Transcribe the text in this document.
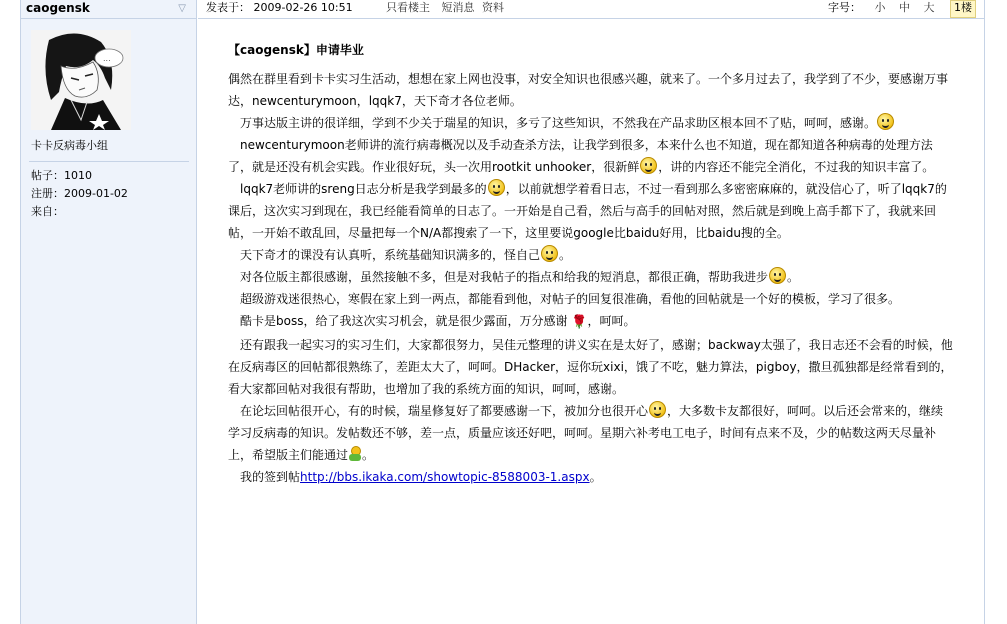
caogensk	▽
...
卡卡反病毒小组
帖子：1010
注册：2009-01-02
来自：
发表于： 2009-02-26 10:51	只看楼主 短消息 资料	字号： 小 中 大	1楼
【caogensk】申请毕业

偶然在群里看到卡卡实习生活动，想想在家上网也没事，对安全知识也很感兴趣，就来了。一个多月过去了，我学到了不少，要感谢万事达，newcenturymoon，lqqk7，天下奇才各位老师。

　万事达版主讲的很详细，学到不少关于瑞星的知识，多亏了这些知识，不然我在产品求助区根本回不了贴，呵呵，感谢。

　newcenturymoon老师讲的流行病毒概况以及手动查杀方法，让我学到很多，本来什么也不知道，现在都知道各种病毒的处理方法了，就是还没有机会实践。作业很好玩，头一次用rootkit unhooker，很新鲜 ，讲的内容还不能完全消化，不过我的知识丰富了。

　lqqk7老师讲的sreng日志分析是我学到最多的 ，以前就想学着看日志，不过一看到那么多密密麻麻的，就没信心了，听了lqqk7的课后，这次实习到现在，我已经能看简单的日志了。一开始是自己看，然后与高手的回帖对照，然后就是到晚上高手都下了，我就来回帖，一开始不敢乱回，尽量把每一个N/A都搜索了一下，这里要说google比baidu好用，比baidu搜的全。

　天下奇才的课没有认真听，系统基础知识满多的，怪自己 。

　对各位版主都很感谢，虽然接触不多，但是对我帖子的指点和给我的短消息，都很正确，帮助我进步 。

　超级游戏迷很热心，寒假在家上到一两点，都能看到他，对帖子的回复很准确，看他的回帖就是一个好的模板，学习了很多。

　酷卡是boss，给了我这次实习机会，就是很少露面，万分感谢 🌹，呵呵。

　还有跟我一起实习的实习生们，大家都很努力，吴佳元整理的讲义实在是太好了，感谢；backway太强了，我日志还不会看的时候，他在反病毒区的回帖都很熟练了，差距太大了，呵呵。DHacker，逗你玩xixi，饿了不吃，魅力算法，pigboy，撒旦孤独都是经常看到的，看大家都回帖对我很有帮助，也增加了我的系统方面的知识，呵呵，感谢。

　在论坛回帖很开心，有的时候，瑞星修复好了都要感谢一下，被加分也很开心 ，大多数卡友都很好，呵呵。以后还会常来的，继续学习反病毒的知识。发帖数还不够，差一点，质量应该还好吧，呵呵。星期六补考电工电子，时间有点来不及，少的帖数这两天尽量补上，希望版主们能通过 。

　我的签到帖http://bbs.ikaka.com/showtopic-8588003-1.aspx。
